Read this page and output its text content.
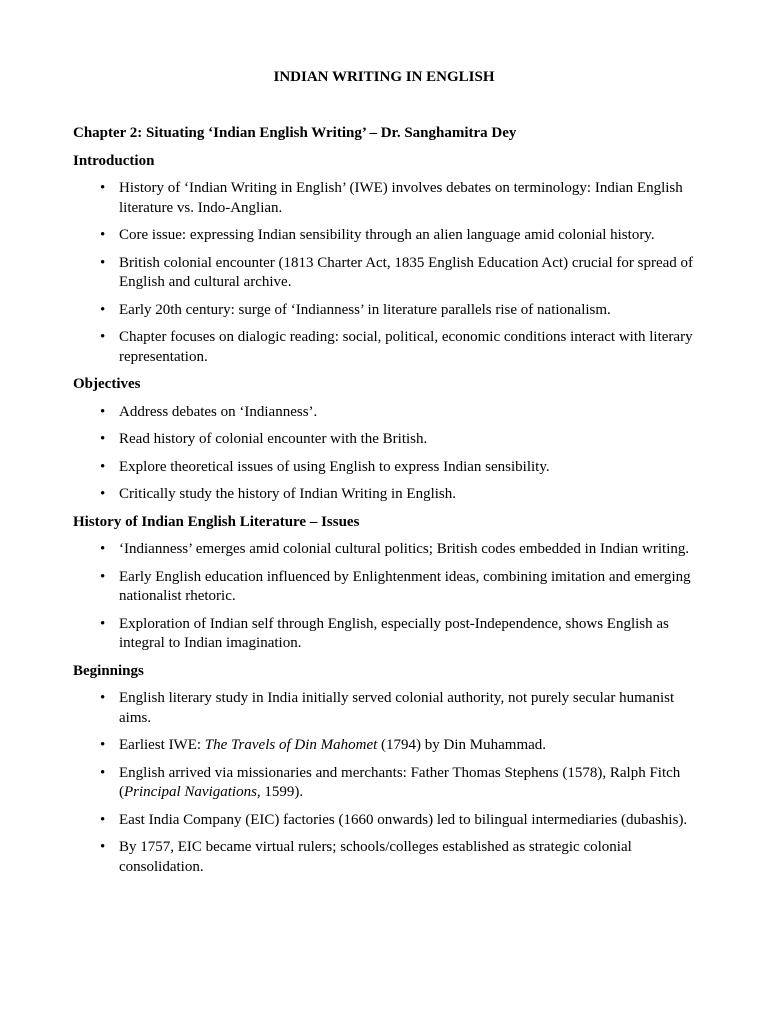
INDIAN WRITING IN ENGLISH

Chapter 2: Situating ‘Indian English Writing’ – Dr. Sanghamitra Dey

Introduction

• History of ‘Indian Writing in English’ (IWE) involves debates on terminology: Indian English literature vs. Indo-Anglian.
• Core issue: expressing Indian sensibility through an alien language amid colonial history.
• British colonial encounter (1813 Charter Act, 1835 English Education Act) crucial for spread of English and cultural archive.
• Early 20th century: surge of ‘Indianness’ in literature parallels rise of nationalism.
• Chapter focuses on dialogic reading: social, political, economic conditions interact with literary representation.

Objectives

• Address debates on ‘Indianness’.
• Read history of colonial encounter with the British.
• Explore theoretical issues of using English to express Indian sensibility.
• Critically study the history of Indian Writing in English.

History of Indian English Literature – Issues

• ‘Indianness’ emerges amid colonial cultural politics; British codes embedded in Indian writing.
• Early English education influenced by Enlightenment ideas, combining imitation and emerging nationalist rhetoric.
• Exploration of Indian self through English, especially post-Independence, shows English as integral to Indian imagination.

Beginnings

• English literary study in India initially served colonial authority, not purely secular humanist aims.
• Earliest IWE: The Travels of Din Mahomet (1794) by Din Muhammad.
• English arrived via missionaries and merchants: Father Thomas Stephens (1578), Ralph Fitch (Principal Navigations, 1599).
• East India Company (EIC) factories (1660 onwards) led to bilingual intermediaries (dubashis).
• By 1757, EIC became virtual rulers; schools/colleges established as strategic colonial consolidation.
